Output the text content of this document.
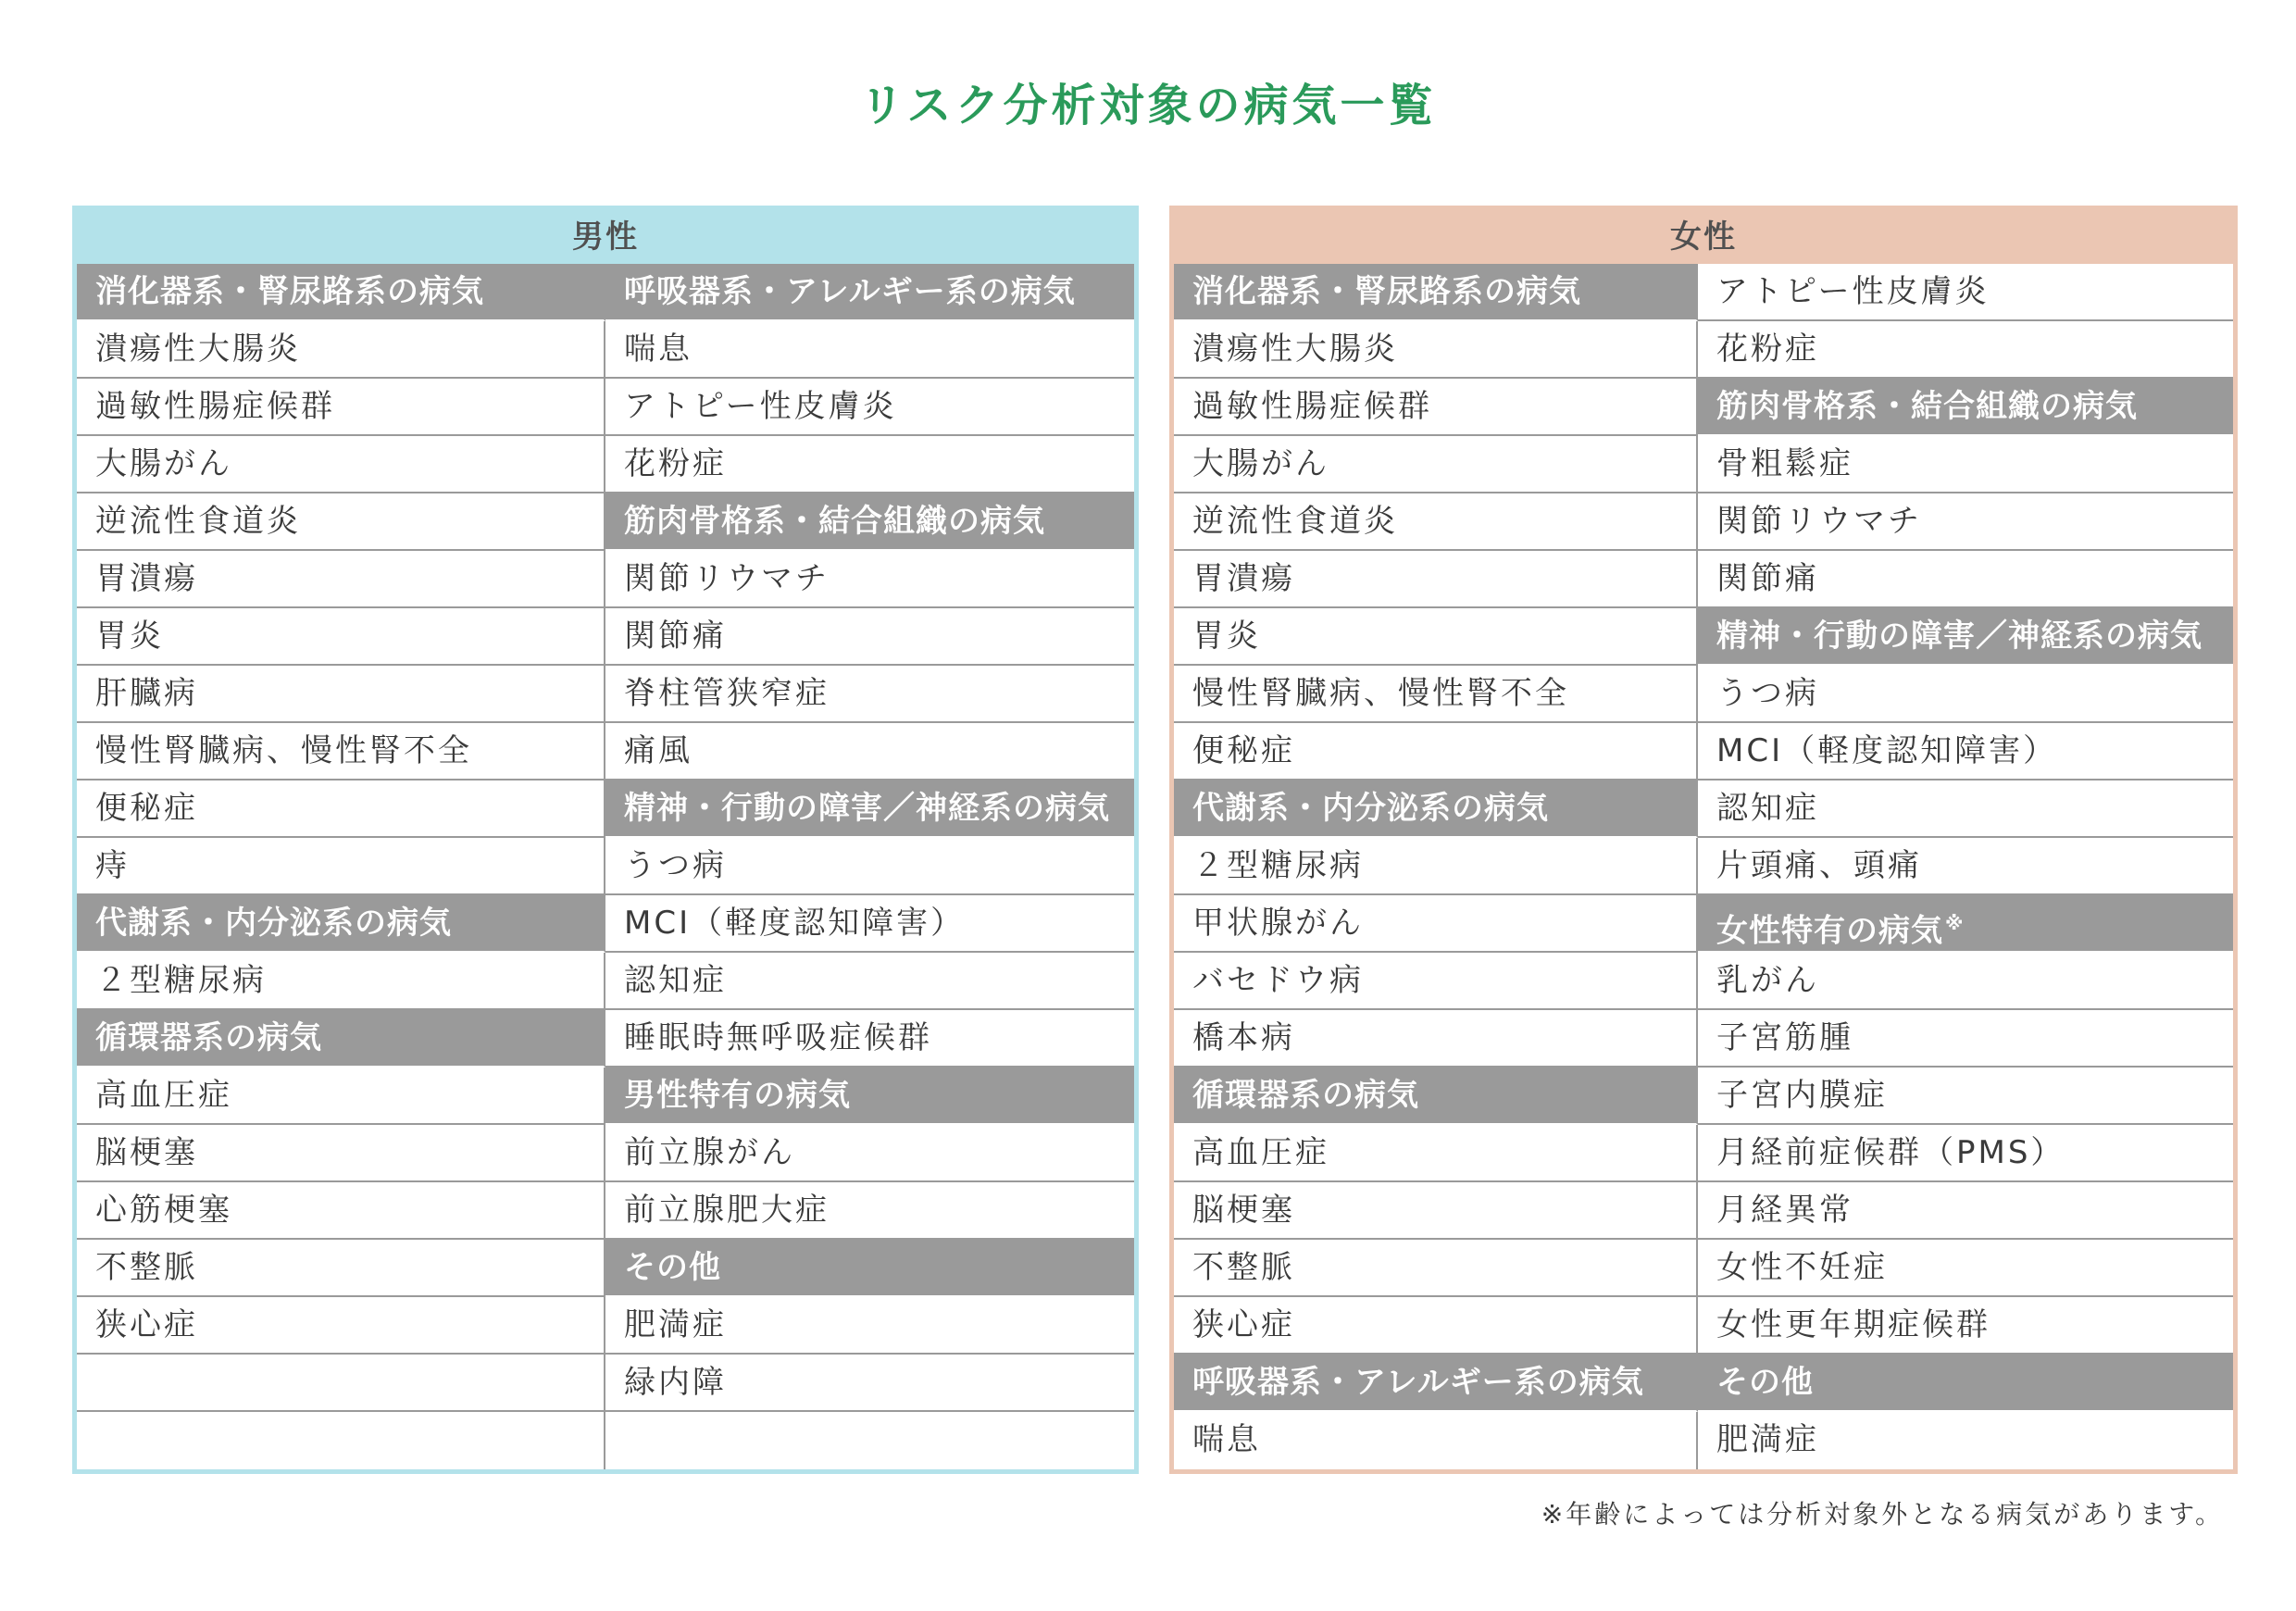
リスク分析対象の病気一覧
男性
消化器系・腎尿路系の病気
潰瘍性大腸炎
過敏性腸症候群
大腸がん
逆流性食道炎
胃潰瘍
胃炎
肝臓病
慢性腎臓病、慢性腎不全
便秘症
痔
代謝系・内分泌系の病気
２型糖尿病
循環器系の病気
高血圧症
脳梗塞
心筋梗塞
不整脈
狭心症
呼吸器系・アレルギー系の病気
喘息
アトピー性皮膚炎
花粉症
筋肉骨格系・結合組織の病気
関節リウマチ
関節痛
脊柱管狭窄症
痛風
精神・行動の障害／神経系の病気
うつ病
MCI（軽度認知障害）
認知症
睡眠時無呼吸症候群
男性特有の病気
前立腺がん
前立腺肥大症
その他
肥満症
緑内障
女性
消化器系・腎尿路系の病気
潰瘍性大腸炎
過敏性腸症候群
大腸がん
逆流性食道炎
胃潰瘍
胃炎
慢性腎臓病、慢性腎不全
便秘症
代謝系・内分泌系の病気
２型糖尿病
甲状腺がん
バセドウ病
橋本病
循環器系の病気
高血圧症
脳梗塞
不整脈
狭心症
呼吸器系・アレルギー系の病気
喘息
アトピー性皮膚炎
花粉症
筋肉骨格系・結合組織の病気
骨粗鬆症
関節リウマチ
関節痛
精神・行動の障害／神経系の病気
うつ病
MCI（軽度認知障害）
認知症
片頭痛、頭痛
女性特有の病気 ※
乳がん
子宮筋腫
子宮内膜症
月経前症候群（PMS）
月経異常
女性不妊症
女性更年期症候群
その他
肥満症
※年齢によっては分析対象外となる病気があります。
